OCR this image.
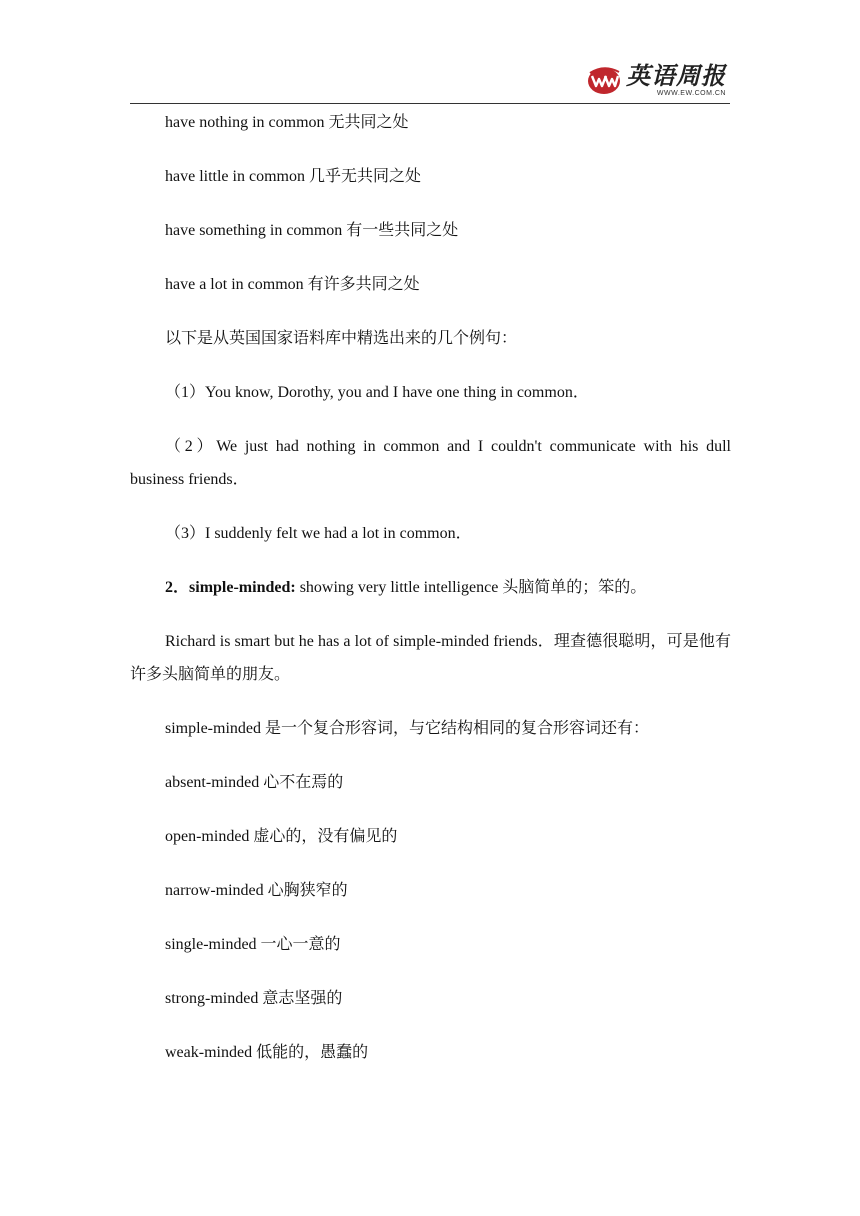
英语周报
WWW.EW.COM.CN

have nothing in common 无共同之处

have little in common 几乎无共同之处

have something in common 有一些共同之处

have a lot in common 有许多共同之处

以下是从英国国家语料库中精选出来的几个例句：

（1）You know, Dorothy, you and I have one thing in common．

（2）We just had nothing in common and I couldn't communicate with his dull business friends．

（3）I suddenly felt we had a lot in common．

2．simple-minded: showing very little intelligence 头脑简单的；笨的。

Richard is smart but he has a lot of simple-minded friends．理查德很聪明，可是他有许多头脑简单的朋友。

simple-minded 是一个复合形容词，与它结构相同的复合形容词还有：

absent-minded 心不在焉的

open-minded 虚心的，没有偏见的

narrow-minded 心胸狭窄的

single-minded 一心一意的

strong-minded 意志坚强的

weak-minded 低能的，愚蠢的
